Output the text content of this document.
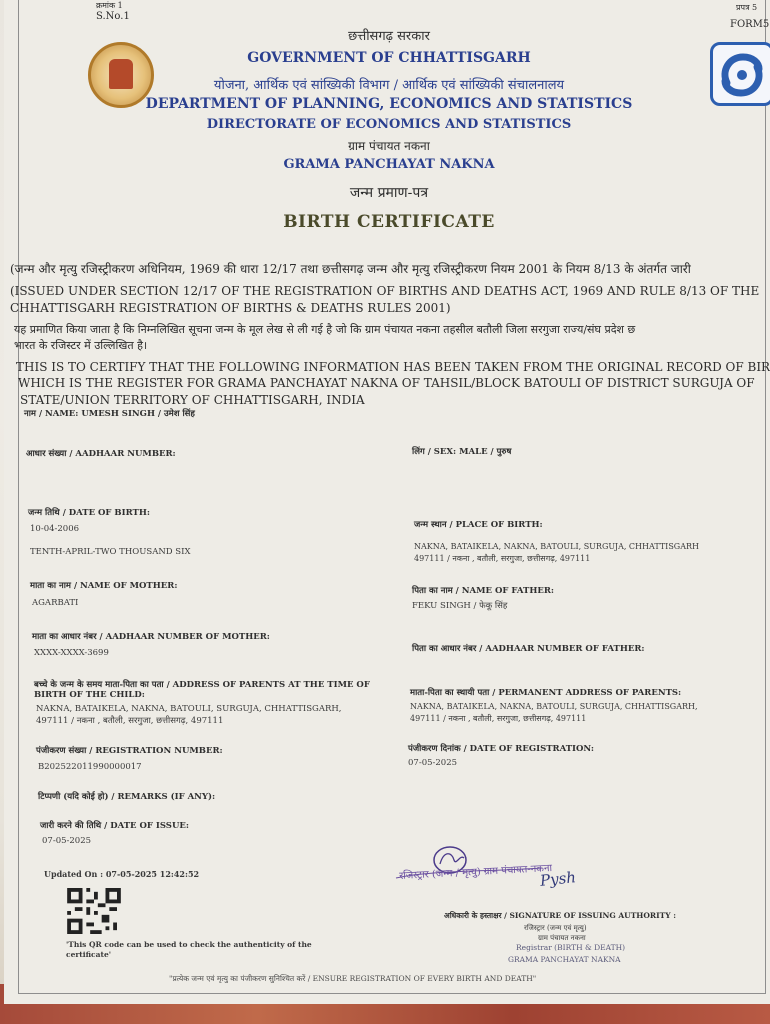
क्रमांक 1
S.No.1
प्रपत्र 5
FORM5
छत्तीसगढ़ सरकार
GOVERNMENT OF CHHATTISGARH
योजना, आर्थिक एवं सांख्यिकी विभाग / आर्थिक एवं सांख्यिकी संचालनालय
DEPARTMENT OF PLANNING, ECONOMICS AND STATISTICS
DIRECTORATE OF ECONOMICS AND STATISTICS
ग्राम पंचायत नकना
GRAMA PANCHAYAT NAKNA
जन्म प्रमाण-पत्र
BIRTH CERTIFICATE
(जन्म और मृत्यु रजिस्ट्रीकरण अधिनियम, 1969 की धारा 12/17 तथा छत्तीसगढ़ जन्म और मृत्यु रजिस्ट्रीकरण नियम 2001 के नियम 8/13 के अंतर्गत जारी
(ISSUED UNDER SECTION 12/17 OF THE REGISTRATION OF BIRTHS AND DEATHS ACT, 1969 AND RULE 8/13 OF THE
CHHATTISGARH REGISTRATION OF BIRTHS & DEATHS RULES 2001)
यह प्रमाणित किया जाता है कि निम्नलिखित सूचना जन्म के मूल लेख से ली गई है जो कि ग्राम पंचायत नकना तहसील बतौली जिला सरगुजा राज्य/संघ प्रदेश छ
भारत के रजिस्टर में उल्लिखित है।
THIS IS TO CERTIFY THAT THE FOLLOWING INFORMATION HAS BEEN TAKEN FROM THE ORIGINAL RECORD OF BIR
WHICH IS THE REGISTER FOR GRAMA PANCHAYAT NAKNA OF TAHSIL/BLOCK BATOULI OF DISTRICT SURGUJA OF
STATE/UNION TERRITORY OF CHHATTISGARH, INDIA
नाम / NAME: UMESH SINGH / उमेश सिंह
आधार संख्या / AADHAAR NUMBER:
जन्म तिथि / DATE OF BIRTH:
10-04-2006
TENTH-APRIL-TWO THOUSAND SIX
माता का नाम / NAME OF MOTHER:
AGARBATI
माता का आधार नंबर / AADHAAR NUMBER OF MOTHER:
XXXX-XXXX-3699
बच्चे के जन्म के समय माता-पिता का पता / ADDRESS OF PARENTS AT THE TIME OF
BIRTH OF THE CHILD:
NAKNA, BATAIKELA, NAKNA, BATOULI, SURGUJA, CHHATTISGARH,
497111 / नकना , बतौली, सरगुजा, छत्तीसगढ़, 497111
पंजीकरण संख्या / REGISTRATION NUMBER:
B202522011990000017
टिप्पणी (यदि कोई हो) / REMARKS (IF ANY):
जारी करने की तिथि / DATE OF ISSUE:
07-05-2025
Updated On : 07-05-2025 12:42:52
लिंग / SEX: MALE / पुरुष
जन्म स्थान / PLACE OF BIRTH:
NAKNA, BATAIKELA, NAKNA, BATOULI, SURGUJA, CHHATTISGARH
497111 / नकना , बतौली, सरगुजा, छत्तीसगढ़, 497111
पिता का नाम / NAME OF FATHER:
FEKU SINGH / फेकू सिंह
पिता का आधार नंबर / AADHAAR NUMBER OF FATHER:
माता-पिता का स्थायी पता / PERMANENT ADDRESS OF PARENTS:
NAKNA, BATAIKELA, NAKNA, BATOULI, SURGUJA, CHHATTISGARH,
497111 / नकना , बतौली, सरगुजा, छत्तीसगढ़, 497111
पंजीकरण दिनांक / DATE OF REGISTRATION:
07-05-2025
'This QR code can be used to check the authenticity of the
certificate'
रजिस्ट्रार (जन्म / मृत्यु) ग्राम पंचायत-नकना
Pysh
अधिकारी के हस्ताक्षर / SIGNATURE OF ISSUING AUTHORITY :
रजिस्ट्रार (जन्म एवं मृत्यु)
ग्राम पंचायत नकना
Registrar (BIRTH & DEATH)
GRAMA PANCHAYAT NAKNA
"प्रत्येक जन्म एवं मृत्यु का पंजीकरण सुनिश्चित करें / ENSURE REGISTRATION OF EVERY BIRTH AND DEATH"
